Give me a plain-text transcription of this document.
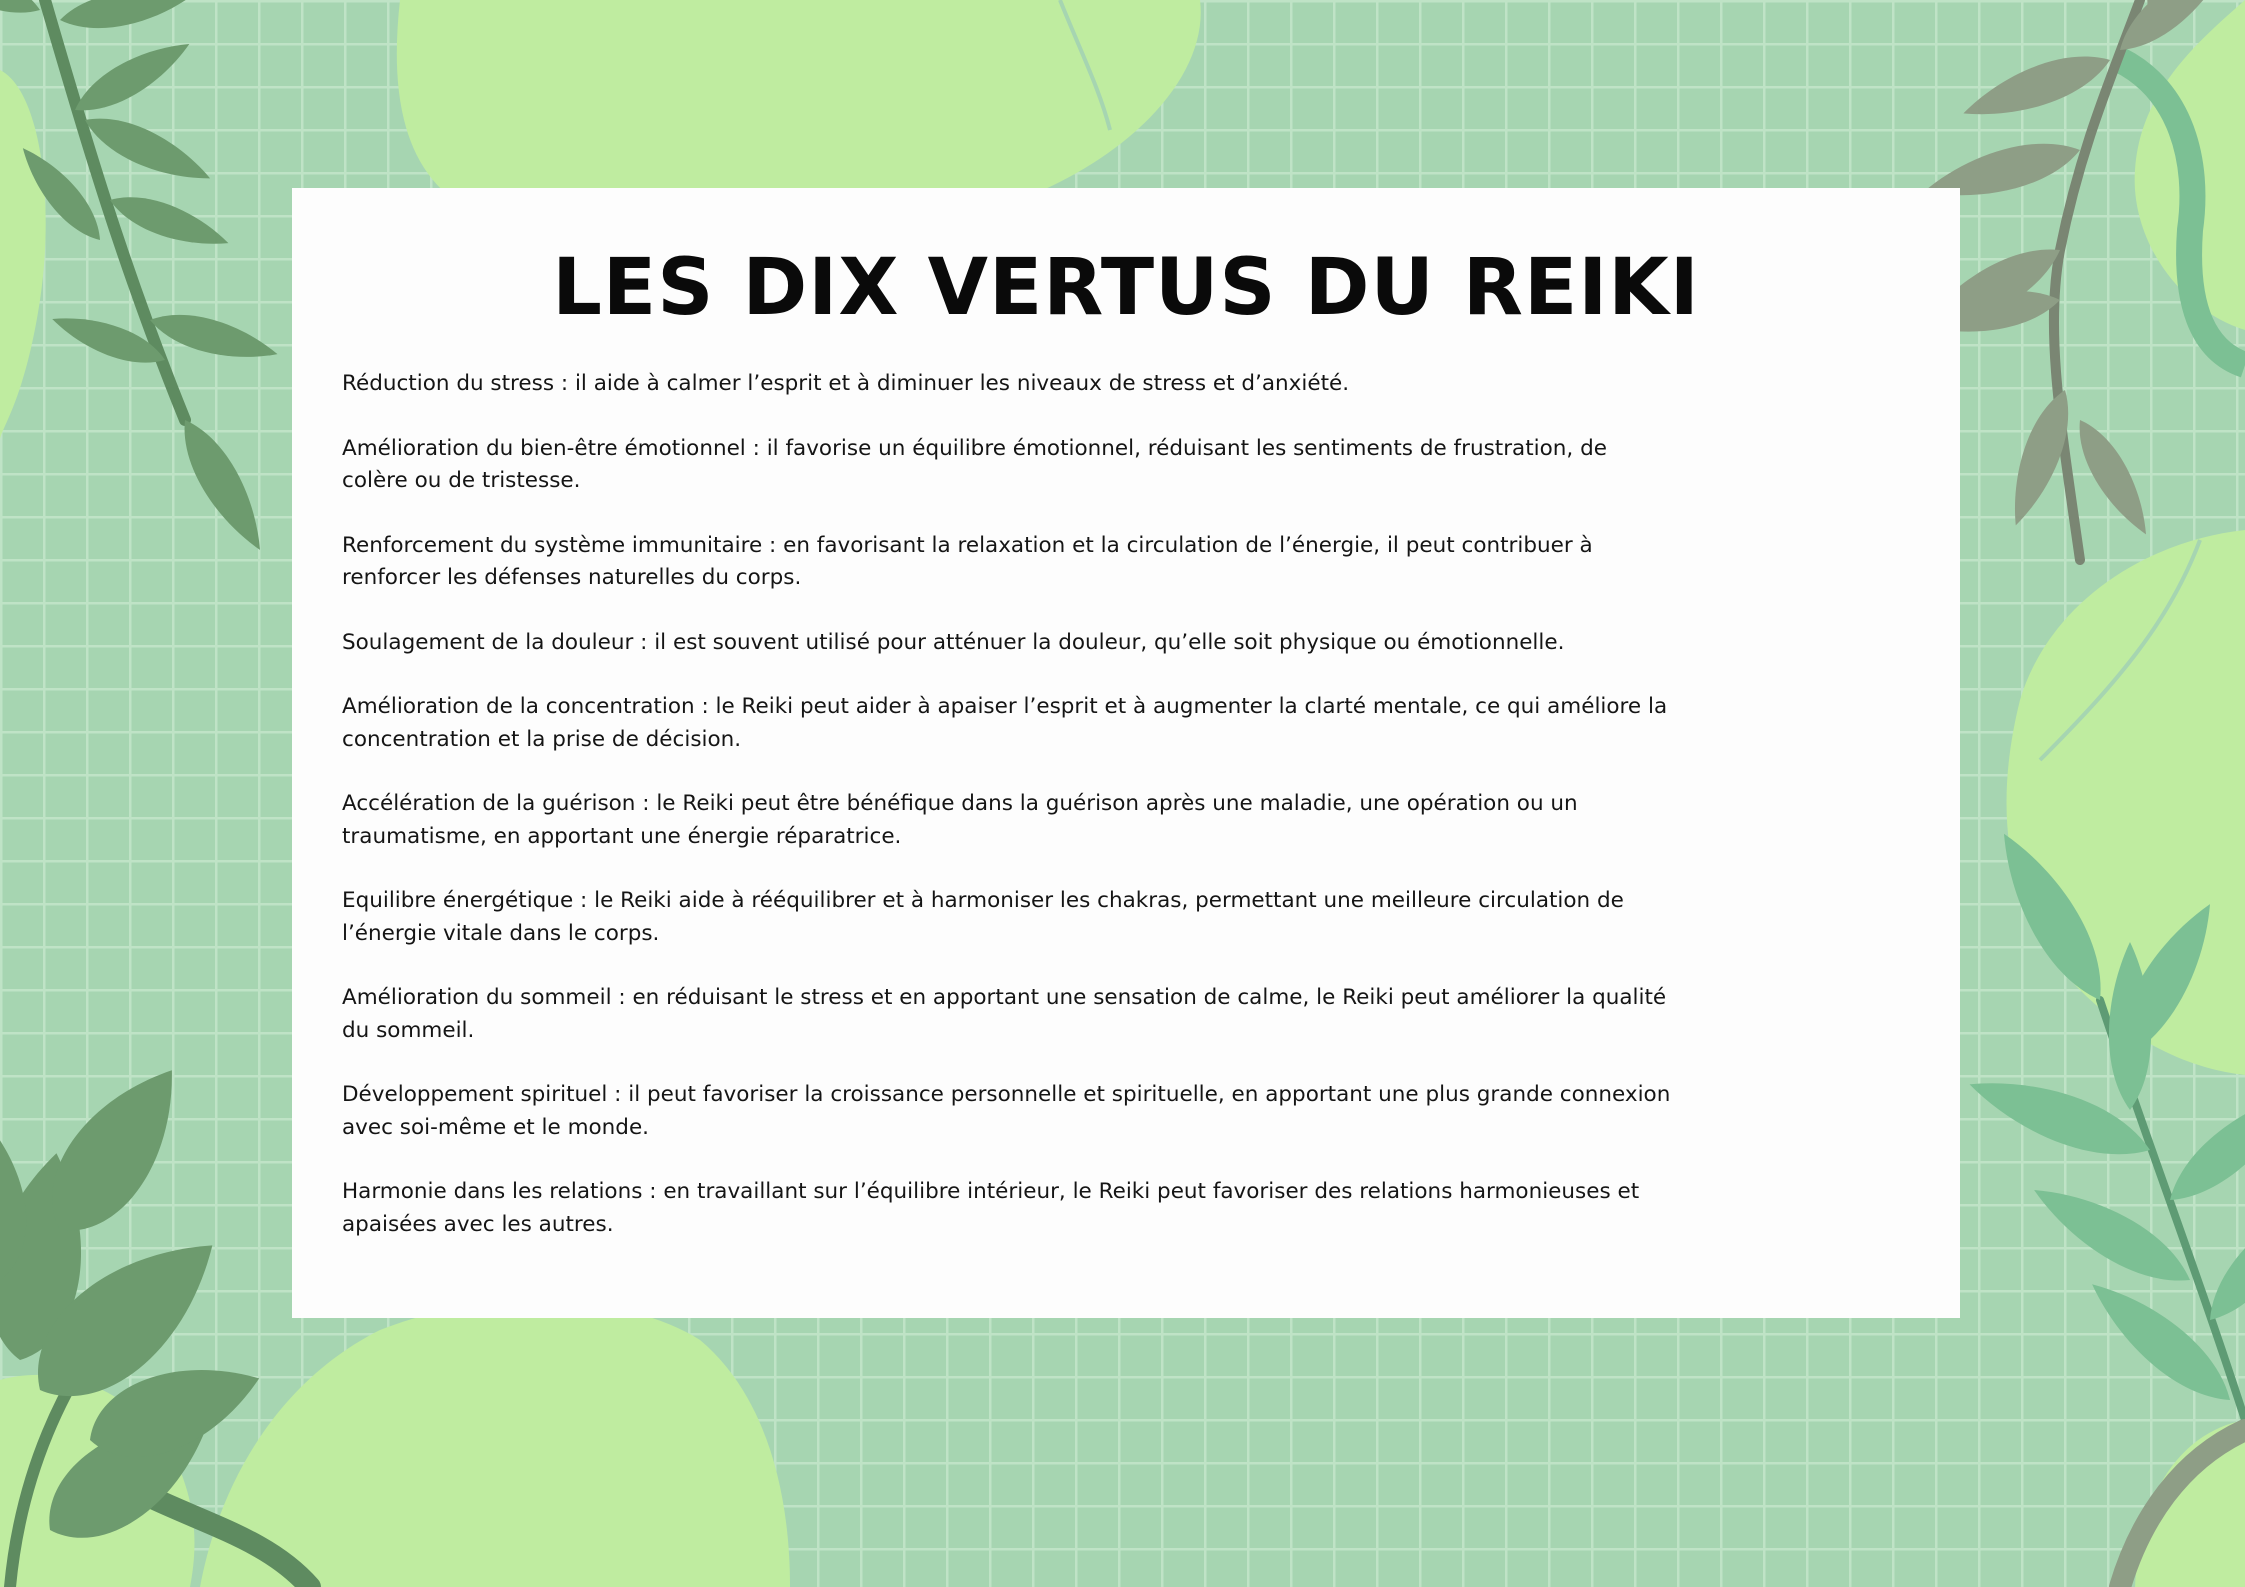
LES DIX VERTUS DU REIKI
Réduction du stress : il aide à calmer l’esprit et à diminuer les niveaux de stress et d’anxiété.
Amélioration du bien-être émotionnel : il favorise un équilibre émotionnel, réduisant les sentiments de frustration, de colère ou de tristesse.
Renforcement du système immunitaire : en favorisant la relaxation et la circulation de l’énergie, il peut contribuer à renforcer les défenses naturelles du corps.
Soulagement de la douleur : il est souvent utilisé pour atténuer la douleur, qu’elle soit physique ou émotionnelle.
Amélioration de la concentration : le Reiki peut aider à apaiser l’esprit et à augmenter la clarté mentale, ce qui améliore la concentration et la prise de décision.
Accélération de la guérison : le Reiki peut être bénéfique dans la guérison après une maladie, une opération ou un traumatisme, en apportant une énergie réparatrice.
Equilibre énergétique : le Reiki aide à rééquilibrer et à harmoniser les chakras, permettant une meilleure circulation de l’énergie vitale dans le corps.
Amélioration du sommeil : en réduisant le stress et en apportant une sensation de calme, le Reiki peut améliorer la qualité du sommeil.
Développement spirituel : il peut favoriser la croissance personnelle et spirituelle, en apportant une plus grande connexion avec soi-même et le monde.
Harmonie dans les relations : en travaillant sur l’équilibre intérieur, le Reiki peut favoriser des relations harmonieuses et apaisées avec les autres.
